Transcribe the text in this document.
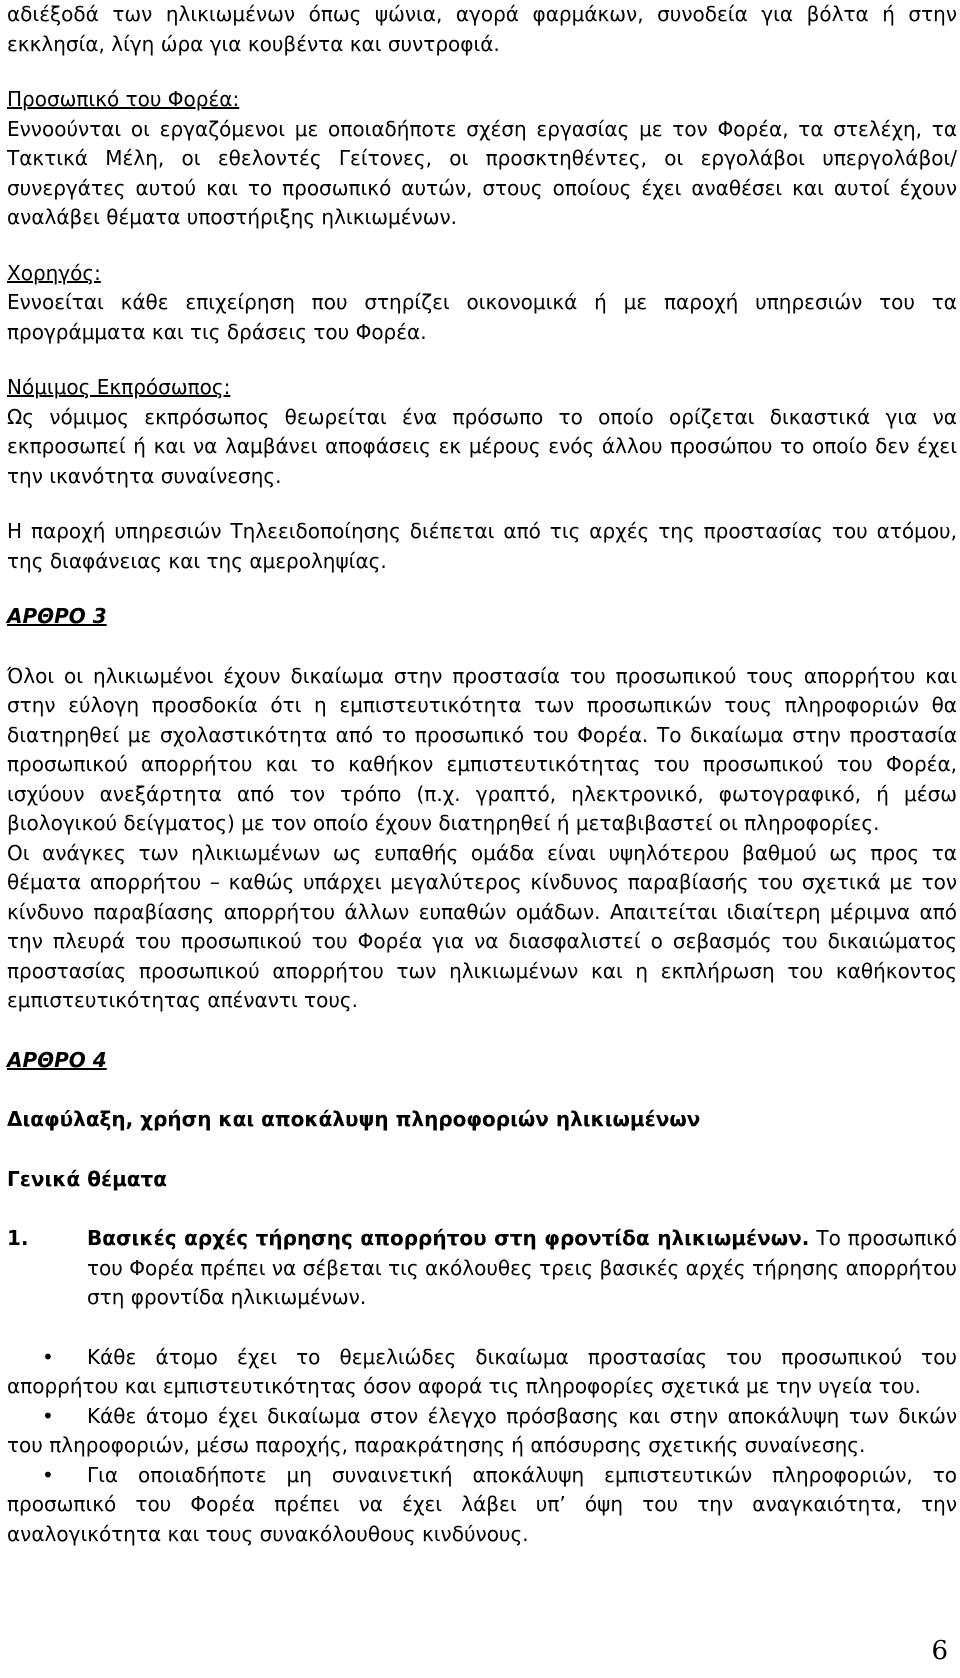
αδιέξοδά των ηλικιωμένων όπως ψώνια, αγορά φαρμάκων, συνοδεία για βόλτα ή στην εκκλησία, λίγη ώρα για κουβέντα και συντροφιά.

Προσωπικό του Φορέα:

Εννοούνται οι εργαζόμενοι με οποιαδήποτε σχέση εργασίας με τον Φορέα, τα στελέχη, τα Τακτικά Μέλη, οι εθελοντές Γείτονες, οι προσκτηθέντες, οι εργολάβοι υπεργολάβοι/συνεργάτες αυτού και το προσωπικό αυτών, στους οποίους έχει αναθέσει και αυτοί έχουν αναλάβει θέματα υποστήριξης ηλικιωμένων.

Χορηγός:

Εννοείται κάθε επιχείρηση που στηρίζει οικονομικά ή με παροχή υπηρεσιών του τα προγράμματα και τις δράσεις του Φορέα.

Νόμιμος Εκπρόσωπος:

Ως νόμιμος εκπρόσωπος θεωρείται ένα πρόσωπο το οποίο ορίζεται δικαστικά για να εκπροσωπεί ή και να λαμβάνει αποφάσεις εκ μέρους ενός άλλου προσώπου το οποίο δεν έχει την ικανότητα συναίνεσης.

Η παροχή υπηρεσιών Τηλεειδοποίησης διέπεται από τις αρχές της προστασίας του ατόμου, της διαφάνειας και της αμεροληψίας.

ΑΡΘΡΟ 3

Όλοι οι ηλικιωμένοι έχουν δικαίωμα στην προστασία του προσωπικού τους απορρήτου και στην εύλογη προσδοκία ότι η εμπιστευτικότητα των προσωπικών τους πληροφοριών θα διατηρηθεί με σχολαστικότητα από το προσωπικό του Φορέα. Το δικαίωμα στην προστασία προσωπικού απορρήτου και το καθήκον εμπιστευτικότητας του προσωπικού του Φορέα, ισχύουν ανεξάρτητα από τον τρόπο (π.χ. γραπτό, ηλεκτρονικό, φωτογραφικό, ή μέσω βιολογικού δείγματος) με τον οποίο έχουν διατηρηθεί ή μεταβιβαστεί οι πληροφορίες.

Οι ανάγκες των ηλικιωμένων ως ευπαθής ομάδα είναι υψηλότερου βαθμού ως προς τα θέματα απορρήτου – καθώς υπάρχει μεγαλύτερος κίνδυνος παραβίασής του σχετικά με τον κίνδυνο παραβίασης απορρήτου άλλων ευπαθών ομάδων. Απαιτείται ιδιαίτερη μέριμνα από την πλευρά του προσωπικού του Φορέα για να διασφαλιστεί ο σεβασμός του δικαιώματος προστασίας προσωπικού απορρήτου των ηλικιωμένων και η εκπλήρωση του καθήκοντος εμπιστευτικότητας απέναντι τους.

ΑΡΘΡΟ 4

Διαφύλαξη, χρήση και αποκάλυψη πληροφοριών ηλικιωμένων

Γενικά θέματα

1.	Βασικές αρχές τήρησης απορρήτου στη φροντίδα ηλικιωμένων. Το προσωπικό του Φορέα πρέπει να σέβεται τις ακόλουθες τρεις βασικές αρχές τήρησης απορρήτου στη φροντίδα ηλικιωμένων.

• Κάθε άτομο έχει το θεμελιώδες δικαίωμα προστασίας του προσωπικού του απορρήτου και εμπιστευτικότητας όσον αφορά τις πληροφορίες σχετικά με την υγεία του.

• Κάθε άτομο έχει δικαίωμα στον έλεγχο πρόσβασης και στην αποκάλυψη των δικών του πληροφοριών, μέσω παροχής, παρακράτησης ή απόσυρσης σχετικής συναίνεσης.

• Για οποιαδήποτε μη συναινετική αποκάλυψη εμπιστευτικών πληροφοριών, το προσωπικό του Φορέα πρέπει να έχει λάβει υπ’ όψη του την αναγκαιότητα, την αναλογικότητα και τους συνακόλουθους κινδύνους.

6
